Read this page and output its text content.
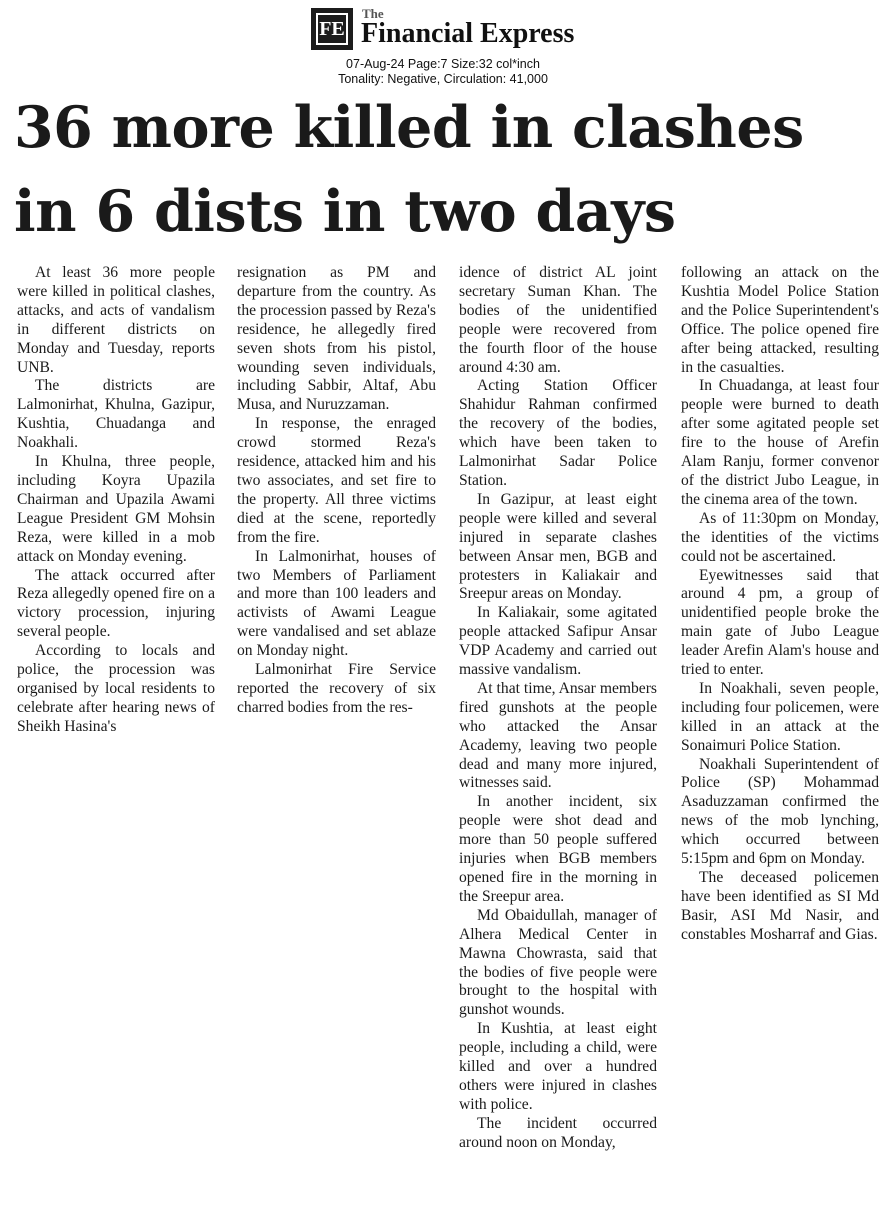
FE
The
Financial Express
07-Aug-24 Page:7 Size:32 col*inch
Tonality: Negative, Circulation: 41,000
36 more killed in clashes
in 6 dists in two days

At least 36 more people were killed in political clashes, attacks, and acts of vandalism in different districts on Monday and Tuesday, reports UNB.

The districts are Lalmonirhat, Khulna, Gazipur, Kushtia, Chuadanga and Noakhali.

In Khulna, three people, including Koyra Upazila Chairman and Upazila Awami League President GM Mohsin Reza, were killed in a mob attack on Monday evening.

The attack occurred after Reza allegedly opened fire on a victory procession, injuring several people.

According to locals and police, the procession was organised by local residents to celebrate after hearing news of Sheikh Hasina's

resignation as PM and departure from the country. As the procession passed by Reza's residence, he allegedly fired seven shots from his pistol, wounding seven individuals, including Sabbir, Altaf, Abu Musa, and Nuruzzaman.

In response, the enraged crowd stormed Reza's residence, attacked him and his two associates, and set fire to the property. All three victims died at the scene, reportedly from the fire.

In Lalmonirhat, houses of two Members of Parliament and more than 100 leaders and activists of Awami League were vandalised and set ablaze on Monday night.

Lalmonirhat Fire Service reported the recovery of six charred bodies from the res-

idence of district AL joint secretary Suman Khan. The bodies of the unidentified people were recovered from the fourth floor of the house around 4:30 am.

Acting Station Officer Shahidur Rahman confirmed the recovery of the bodies, which have been taken to Lalmonirhat Sadar Police Station.

In Gazipur, at least eight people were killed and several injured in separate clashes between Ansar men, BGB and protesters in Kaliakair and Sreepur areas on Monday.

In Kaliakair, some agitated people attacked Safipur Ansar VDP Academy and carried out massive vandalism.

At that time, Ansar members fired gunshots at the people who attacked the Ansar Academy, leaving two people dead and many more injured, witnesses said.

In another incident, six people were shot dead and more than 50 people suffered injuries when BGB members opened fire in the morning in the Sreepur area.

Md Obaidullah, manager of Alhera Medical Center in Mawna Chowrasta, said that the bodies of five people were brought to the hospital with gunshot wounds.

In Kushtia, at least eight people, including a child, were killed and over a hundred others were injured in clashes with police.

The incident occurred around noon on Monday,

following an attack on the Kushtia Model Police Station and the Police Superintendent's Office. The police opened fire after being attacked, resulting in the casualties.

In Chuadanga, at least four people were burned to death after some agitated people set fire to the house of Arefin Alam Ranju, former convenor of the district Jubo League, in the cinema area of the town.

As of 11:30pm on Monday, the identities of the victims could not be ascertained.

Eyewitnesses said that around 4 pm, a group of unidentified people broke the main gate of Jubo League leader Arefin Alam's house and tried to enter.

In Noakhali, seven people, including four policemen, were killed in an attack at the Sonaimuri Police Station.

Noakhali Superintendent of Police (SP) Mohammad Asaduzzaman confirmed the news of the mob lynching, which occurred between 5:15pm and 6pm on Monday.

The deceased policemen have been identified as SI Md Basir, ASI Md Nasir, and constables Mosharraf and Gias.
